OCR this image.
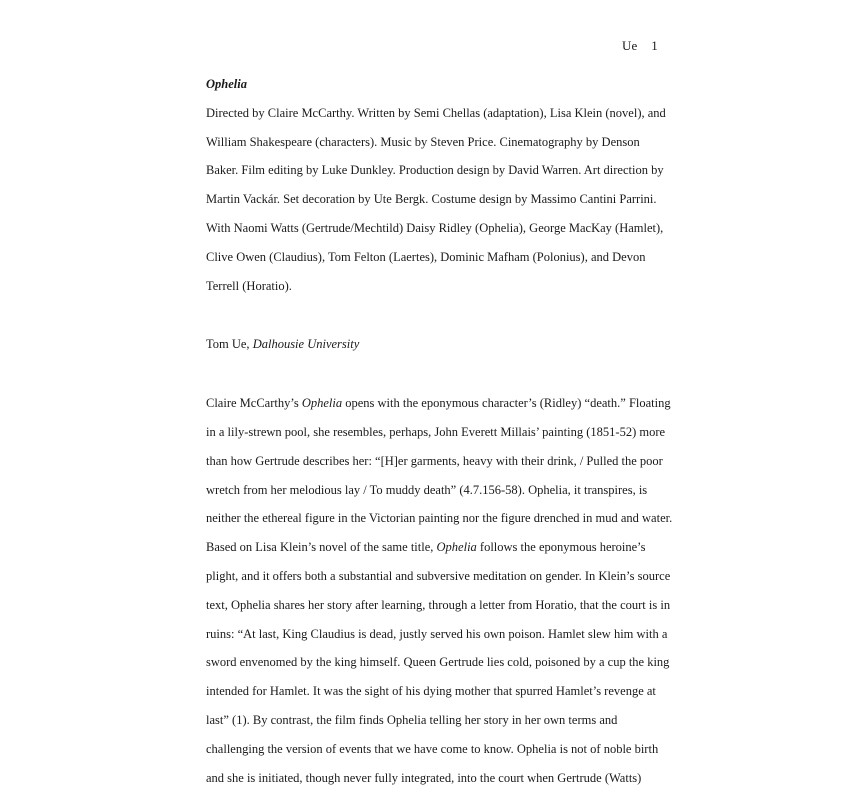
Ue    1
Ophelia
Directed by Claire McCarthy. Written by Semi Chellas (adaptation), Lisa Klein (novel), and
William Shakespeare (characters). Music by Steven Price. Cinematography by Denson
Baker. Film editing by Luke Dunkley. Production design by David Warren. Art direction by
Martin Vackár. Set decoration by Ute Bergk. Costume design by Massimo Cantini Parrini.
With Naomi Watts (Gertrude/Mechtild) Daisy Ridley (Ophelia), George MacKay (Hamlet),
Clive Owen (Claudius), Tom Felton (Laertes), Dominic Mafham (Polonius), and Devon
Terrell (Horatio).
Tom Ue, Dalhousie University
Claire McCarthy’s Ophelia opens with the eponymous character’s (Ridley) “death.” Floating
in a lily-strewn pool, she resembles, perhaps, John Everett Millais’ painting (1851-52) more
than how Gertrude describes her: “[H]er garments, heavy with their drink, / Pulled the poor
wretch from her melodious lay / To muddy death” (4.7.156-58). Ophelia, it transpires, is
neither the ethereal figure in the Victorian painting nor the figure drenched in mud and water.
Based on Lisa Klein’s novel of the same title, Ophelia follows the eponymous heroine’s
plight, and it offers both a substantial and subversive meditation on gender. In Klein’s source
text, Ophelia shares her story after learning, through a letter from Horatio, that the court is in
ruins: “At last, King Claudius is dead, justly served his own poison. Hamlet slew him with a
sword envenomed by the king himself. Queen Gertrude lies cold, poisoned by a cup the king
intended for Hamlet. It was the sight of his dying mother that spurred Hamlet’s revenge at
last” (1). By contrast, the film finds Ophelia telling her story in her own terms and
challenging the version of events that we have come to know. Ophelia is not of noble birth
and she is initiated, though never fully integrated, into the court when Gertrude (Watts)
